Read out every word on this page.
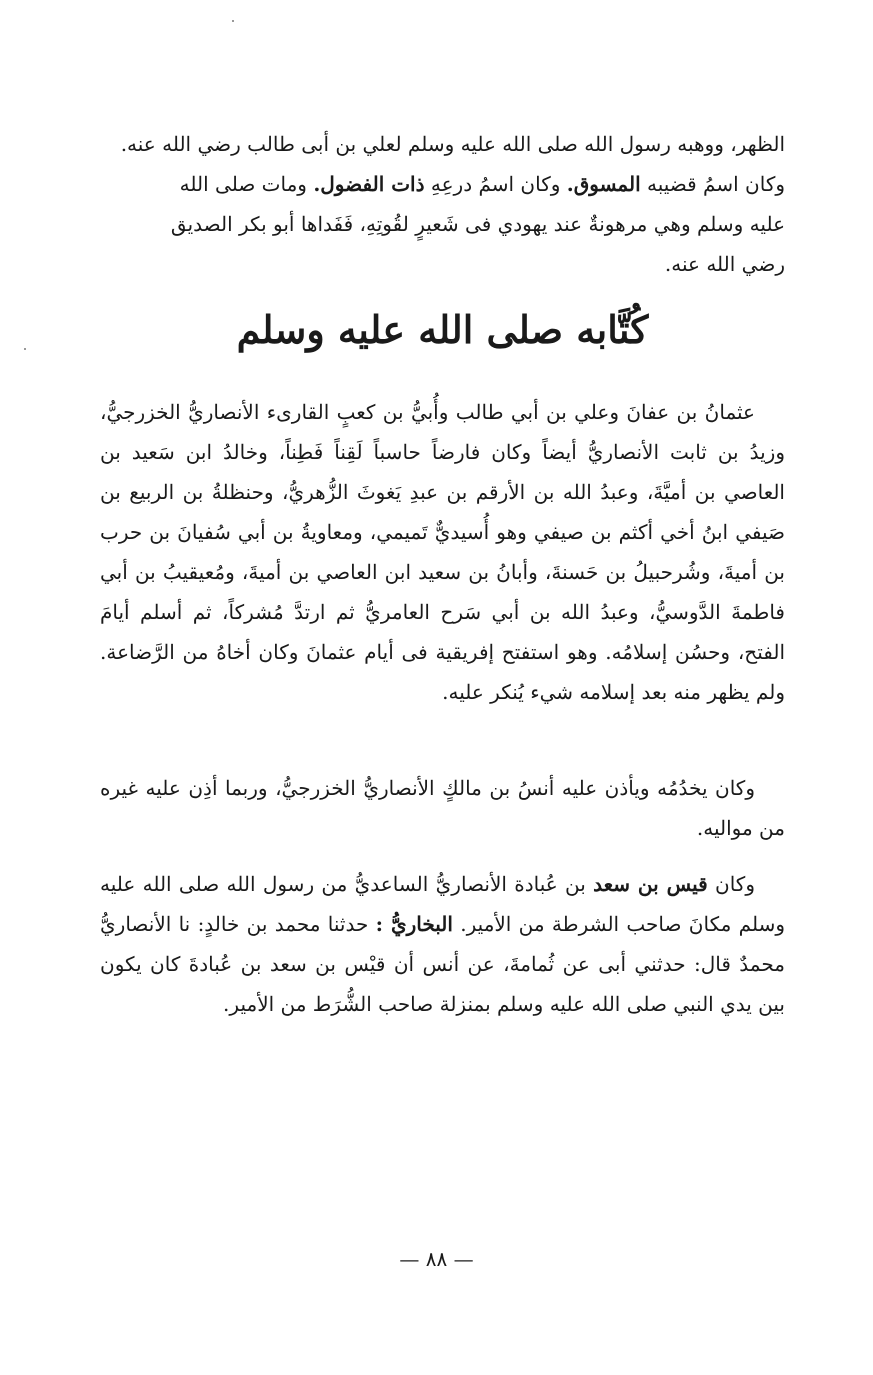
الظهر، ووهبه رسول الله صلى الله عليه وسلم لعلي بن أبى طالب رضي الله عنه.

وكان اسمُ قضيبه المسوق. وكان اسمُ درعِهِ ذات الفضول. ومات صلى الله

عليه وسلم وهي مرهونةٌ عند يهودي فى شَعيرٍ لقُوتِهِ، فَفَداها أبو بكر الصديق

رضي الله عنه.

كُتَّابه صلى الله عليه وسلم

عثمانُ بن عفانَ وعلي بن أبي طالب وأُبيُّ بن كعبٍ القارىء الأنصاريُّ الخزرجيُّ، وزيدُ بن ثابت الأنصاريُّ أيضاً وكان فارضاً حاسباً لَقِناً فَطِناً، وخالدُ ابن سَعيد بن العاصي بن أميَّةَ، وعبدُ الله بن الأرقم بن عبدِ يَغوثَ الزُّهريُّ، وحنظلةُ بن الربيع بن صَيفي ابنُ أخي أكثم بن صيفي وهو أُسيديٌّ تَميمي، ومعاويةُ بن أبي سُفيانَ بن حرب بن أميةَ، وشُرحبيلُ بن حَسنةَ، وأبانُ بن سعيد ابن العاصي بن أميةَ، ومُعيقيبُ بن أبي فاطمةَ الدَّوسيُّ، وعبدُ الله بن أبي سَرح العامريُّ ثم ارتدَّ مُشركاً، ثم أسلم أيامَ الفتح، وحسُن إسلامُه. وهو استفتح إفريقية فى أيام عثمانَ وكان أخاهُ من الرَّضاعة. ولم يظهر منه بعد إسلامه شيء يُنكر عليه.

وكان يخدُمُه ويأذن عليه أنسُ بن مالكٍ الأنصاريُّ الخزرجيُّ، وربما أذِن عليه غيره من مواليه.

وكان قيس بن سعد بن عُبادة الأنصاريُّ الساعديُّ من رسول الله صلى الله عليه وسلم مكانَ صاحب الشرطة من الأمير. البخاريُّ : حدثنا محمد بن خالدٍ: نا الأنصاريُّ محمدٌ قال: حدثني أبى عن ثُمامةَ، عن أنس أن قيْس بن سعد بن عُبادةَ كان يكون بين يدي النبي صلى الله عليه وسلم بمنزلة صاحب الشُّرَط من الأمير.

— ٨٨ —
